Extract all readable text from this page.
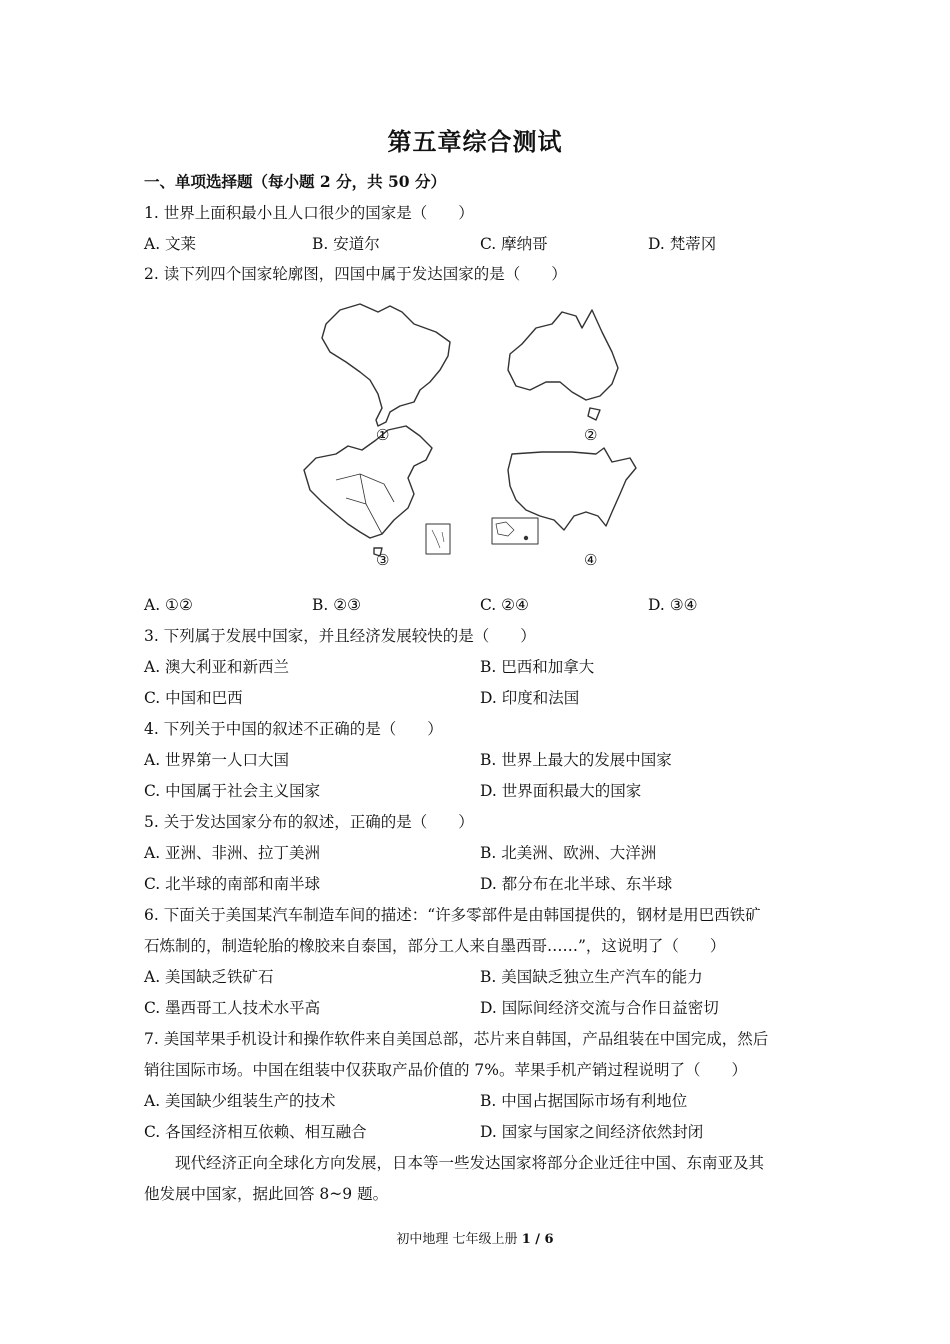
第五章综合测试
一、单项选择题（每小题 2 分，共 50 分）
1. 世界上面积最小且人口很少的国家是（　　）
A. 文莱	B. 安道尔	C. 摩纳哥	D. 梵蒂冈
2. 读下列四个国家轮廓图，四国中属于发达国家的是（　　）
①	②
③	④
A. ①②	B. ②③	C. ②④	D. ③④
3. 下列属于发展中国家，并且经济发展较快的是（　　）
A. 澳大利亚和新西兰	B. 巴西和加拿大
C. 中国和巴西	D. 印度和法国
4. 下列关于中国的叙述不正确的是（　　）
A. 世界第一人口大国	B. 世界上最大的发展中国家
C. 中国属于社会主义国家	D. 世界面积最大的国家
5. 关于发达国家分布的叙述，正确的是（　　）
A. 亚洲、非洲、拉丁美洲	B. 北美洲、欧洲、大洋洲
C. 北半球的南部和南半球	D. 都分布在北半球、东半球
6. 下面关于美国某汽车制造车间的描述：“许多零部件是由韩国提供的，钢材是用巴西铁矿
石炼制的，制造轮胎的橡胶来自泰国，部分工人来自墨西哥……”，这说明了（　　）
A. 美国缺乏铁矿石	B. 美国缺乏独立生产汽车的能力
C. 墨西哥工人技术水平高	D. 国际间经济交流与合作日益密切
7. 美国苹果手机设计和操作软件来自美国总部，芯片来自韩国，产品组装在中国完成，然后
销往国际市场。中国在组装中仅获取产品价值的 7%。苹果手机产销过程说明了（　　）
A. 美国缺少组装生产的技术	B. 中国占据国际市场有利地位
C. 各国经济相互依赖、相互融合	D. 国家与国家之间经济依然封闭
　　现代经济正向全球化方向发展，日本等一些发达国家将部分企业迁往中国、东南亚及其
他发展中国家，据此回答 8~9 题。
初中地理 七年级上册 1 / 6
